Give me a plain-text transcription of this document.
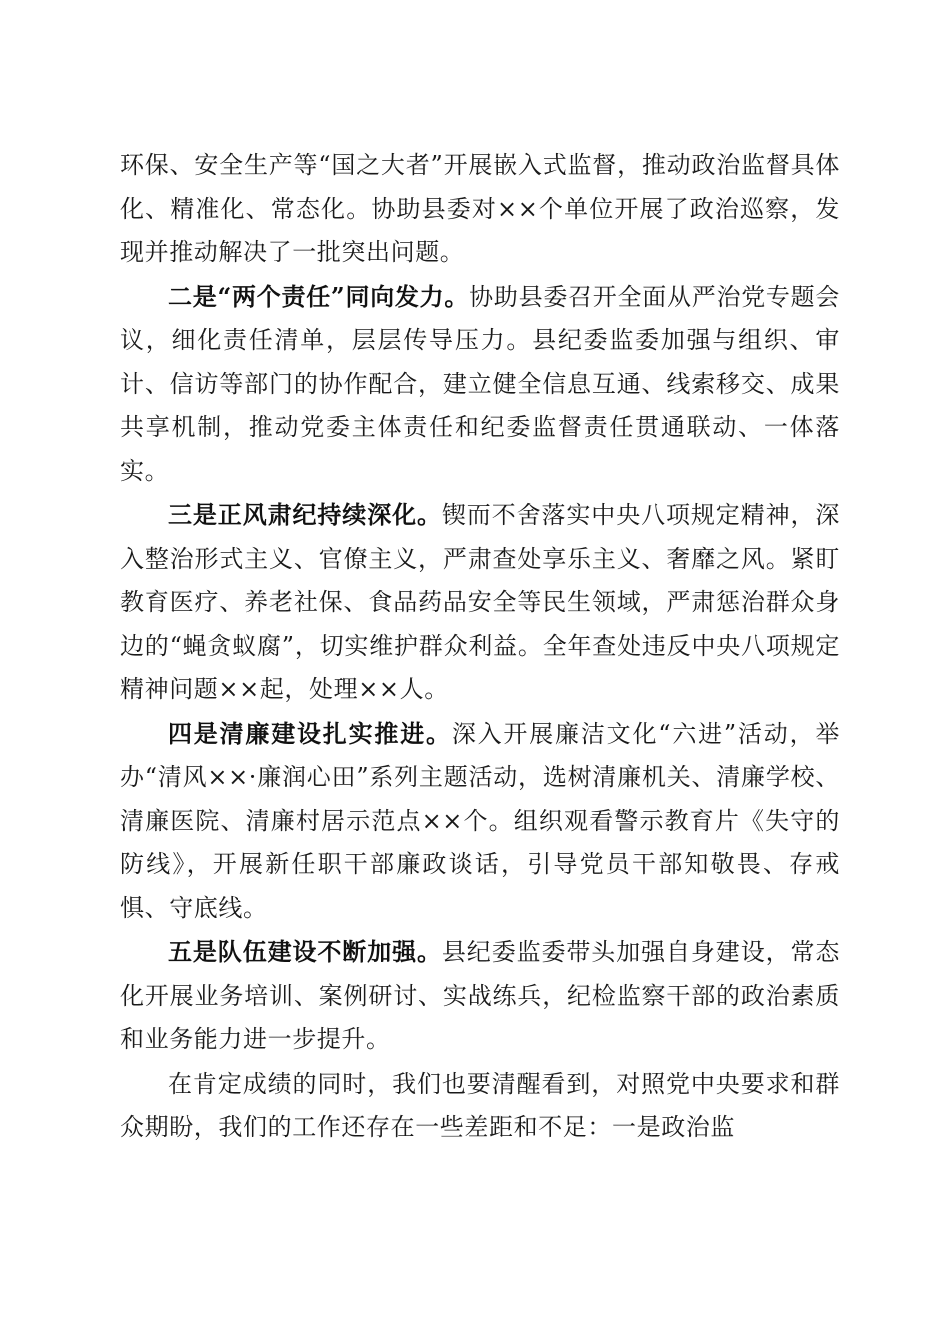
环保、安全生产等“国之大者”开展嵌入式监督，推动政治监督具体化、精准化、常态化。协助县委对××个单位开展了政治巡察，发现并推动解决了一批突出问题。

二是“两个责任”同向发力。协助县委召开全面从严治党专题会议，细化责任清单，层层传导压力。县纪委监委加强与组织、审计、信访等部门的协作配合，建立健全信息互通、线索移交、成果共享机制，推动党委主体责任和纪委监督责任贯通联动、一体落实。

三是正风肃纪持续深化。锲而不舍落实中央八项规定精神，深入整治形式主义、官僚主义，严肃查处享乐主义、奢靡之风。紧盯教育医疗、养老社保、食品药品安全等民生领域，严肃惩治群众身边的“蝇贪蚁腐”，切实维护群众利益。全年查处违反中央八项规定精神问题××起，处理××人。

四是清廉建设扎实推进。深入开展廉洁文化“六进”活动，举办“清风××·廉润心田”系列主题活动，选树清廉机关、清廉学校、清廉医院、清廉村居示范点××个。组织观看警示教育片《失守的防线》，开展新任职干部廉政谈话，引导党员干部知敬畏、存戒惧、守底线。

五是队伍建设不断加强。县纪委监委带头加强自身建设，常态化开展业务培训、案例研讨、实战练兵，纪检监察干部的政治素质和业务能力进一步提升。

在肯定成绩的同时，我们也要清醒看到，对照党中央要求和群众期盼，我们的工作还存在一些差距和不足：一是政治监
